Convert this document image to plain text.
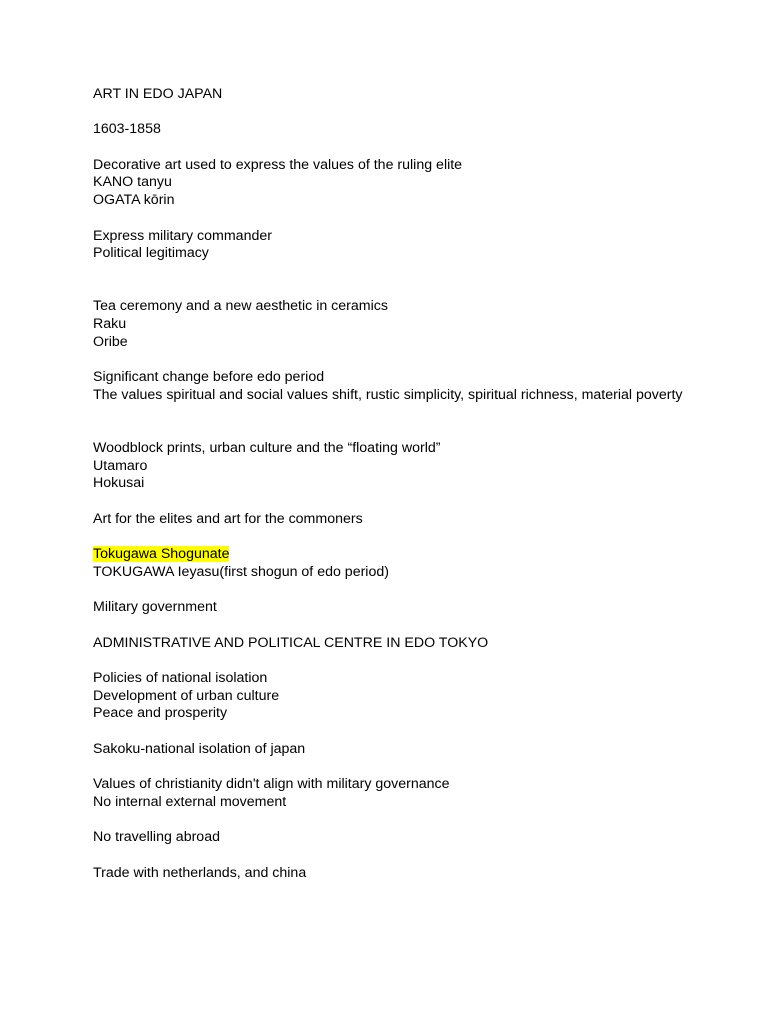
ART IN EDO JAPAN
1603-1858
Decorative art used to express the values of the ruling elite
KANO tanyu
OGATA kōrin
Express military commander
Political legitimacy
Tea ceremony and a new aesthetic in ceramics
Raku
Oribe
Significant change before edo period
The values spiritual and social values shift, rustic simplicity, spiritual richness, material poverty
Woodblock prints, urban culture and the “floating world”
Utamaro
Hokusai
Art for the elites and art for the commoners
Tokugawa Shogunate
TOKUGAWA Ieyasu(first shogun of edo period)
Military government
ADMINISTRATIVE AND POLITICAL CENTRE IN EDO TOKYO
Policies of national isolation
Development of urban culture
Peace and prosperity
Sakoku-national isolation of japan
Values of christianity didn't align with military governance
No internal external movement
No travelling abroad
Trade with netherlands, and china
